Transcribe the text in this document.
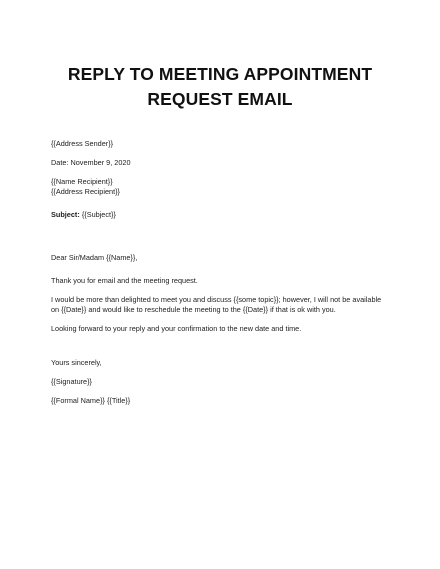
REPLY TO MEETING APPOINTMENT
REQUEST EMAIL
{{Address Sender}}
Date: November 9, 2020
{{Name Recipient}}
{{Address Recipient}}
Subject: {{Subject}}
Dear Sir/Madam {{Name}},
Thank you for email and the meeting request.
I would be more than delighted to meet you and discuss {{some topic}}; however, I will not be available
on {{Date}} and would like to reschedule the meeting to the {{Date}} if that is ok with you.
Looking forward to your reply and your confirmation to the new date and time.
Yours sincerely,
{{Signature}}
{{Formal Name}} {{Title}}
